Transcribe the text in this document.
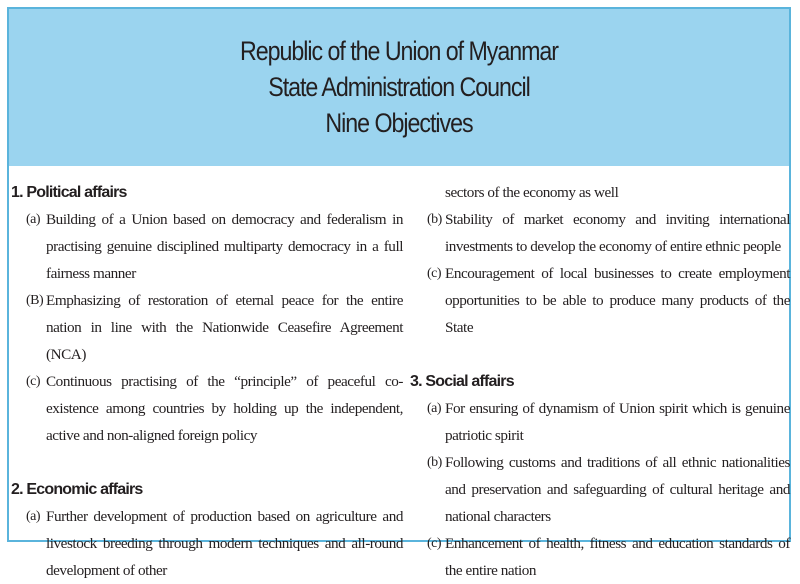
Republic of the Union of Myanmar
State Administration Council
Nine Objectives
1. Political affairs
(a) Building of a Union based on democracy and federalism in practising genuine disciplined multiparty democracy in a full fairness manner
(B) Emphasizing of restoration of eternal peace for the entire nation in line with the Nationwide Ceasefire Agreement (NCA)
(c) Continuous practising of the “principle” of peaceful co-existence among countries by holding up the independent, active and non-aligned foreign policy
2. Economic affairs
(a) Further development of production based on agriculture and livestock breeding through modern techniques and all-round development of other
sectors of the economy as well
(b) Stability of market economy and inviting international investments to develop the economy of entire ethnic people
(c) Encouragement of local businesses to create employment opportunities to be able to produce many products of the State
3. Social affairs
(a) For ensuring of dynamism of Union spirit which is genuine patriotic spirit
(b) Following customs and traditions of all ethnic nationalities and preservation and safeguarding of cultural heritage and national characters
(c) Enhancement of health, fitness and education standards of the entire nation
